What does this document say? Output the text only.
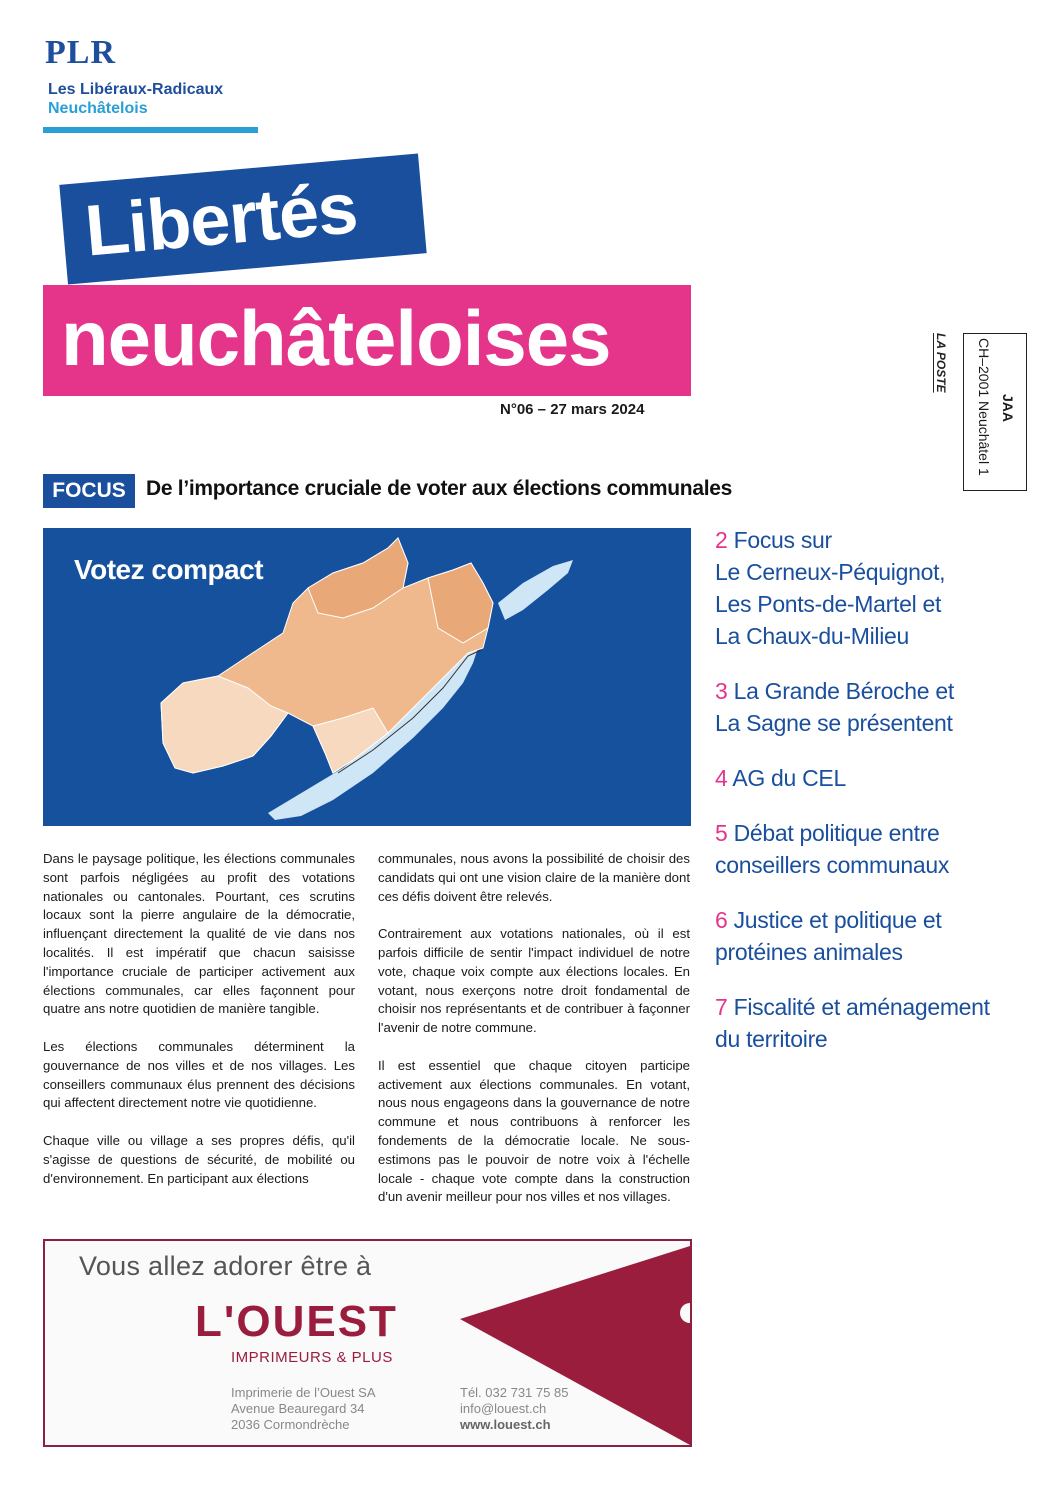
PLR
Les Libéraux-Radicaux
Neuchâtelois
Libertés
neuchâteloises
N°06 – 27 mars 2024
LA POSTE
JAA
CH–2001 Neuchâtel 1
FOCUS De l’importance cruciale de voter aux élections communales
Votez compact

Dans le paysage politique, les élections communales sont parfois négligées au profit des votations nationales ou cantonales. Pourtant, ces scrutins locaux sont la pierre angulaire de la démocratie, influençant directement la qualité de vie dans nos localités. Il est impératif que chacun saisisse l'importance cruciale de participer activement aux élections communales, car elles façonnent pour quatre ans notre quotidien de manière tangible.

Les élections communales déterminent la gouvernance de nos villes et de nos villages. Les conseillers communaux élus prennent des décisions qui affectent directement notre vie quotidienne.

Chaque ville ou village a ses propres défis, qu'il s'agisse de questions de sécurité, de mobilité ou d'environnement. En participant aux élections

communales, nous avons la possibilité de choisir des candidats qui ont une vision claire de la manière dont ces défis doivent être relevés.

Contrairement aux votations nationales, où il est parfois difficile de sentir l'impact individuel de notre vote, chaque voix compte aux élections locales. En votant, nous exerçons notre droit fondamental de choisir nos représentants et de contribuer à façonner l'avenir de notre commune.

Il est essentiel que chaque citoyen participe activement aux élections communales. En votant, nous nous engageons dans la gouvernance de notre commune et nous contribuons à renforcer les fondements de la démocratie locale. Ne sous-estimons pas le pouvoir de notre voix à l'échelle locale - chaque vote compte dans la construction d'un avenir meilleur pour nos villes et nos villages.

2 Focus sur
Le Cerneux-Péquignot,
Les Ponts-de-Martel et
La Chaux-du-Milieu
3 La Grande Béroche et
La Sagne se présentent
4 AG du CEL
5 Débat politique entre
conseillers communaux
6 Justice et politique et
protéines animales
7 Fiscalité et aménagement
du territoire
Vous allez adorer être à
L'OUEST
IMPRIMEURS & PLUS
Imprimerie de l’Ouest SA
Avenue Beauregard 34
2036 Cormondrèche
Tél. 032 731 75 85
info@louest.ch
www.louest.ch
